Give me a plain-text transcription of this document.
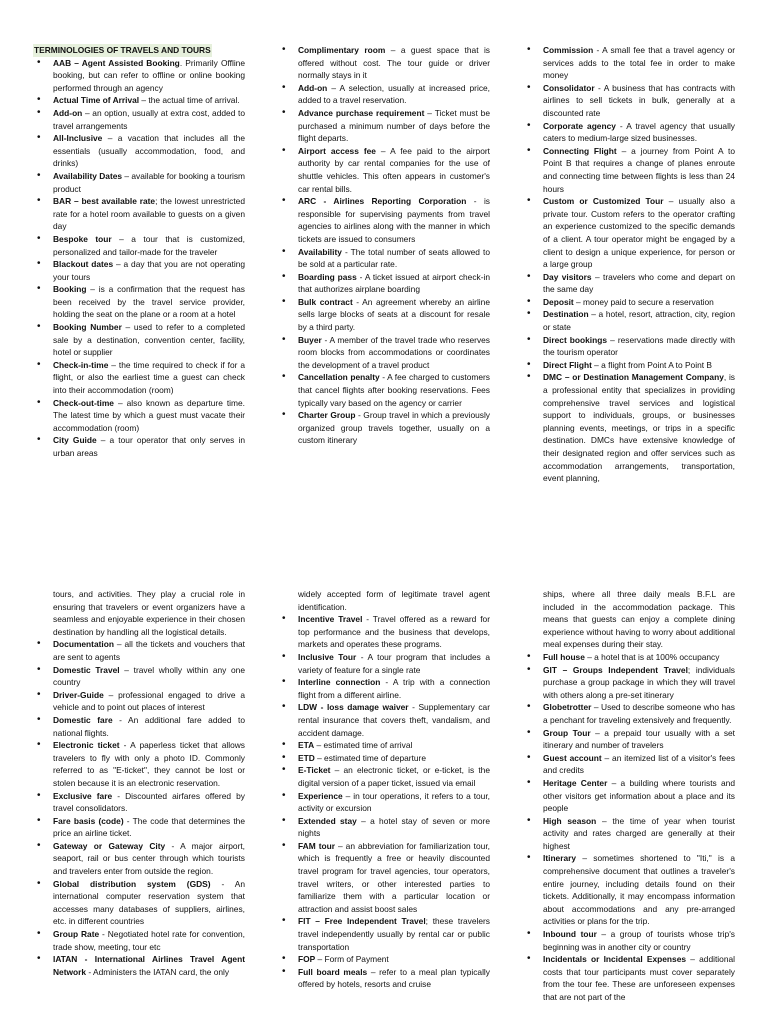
TERMINOLOGIES OF TRAVELS AND TOURS
• AAB – Agent Assisted Booking. Primarily Offline booking, but can refer to offline or online booking performed through an agency
• Actual Time of Arrival – the actual time of arrival.
• Add-on – an option, usually at extra cost, added to travel arrangements
• All-Inclusive – a vacation that includes all the essentials (usually accommodation, food, and drinks)
• Availability Dates – available for booking a tourism product
• BAR – best available rate; the lowest unrestricted rate for a hotel room available to guests on a given day
• Bespoke tour – a tour that is customized, personalized and tailor-made for the traveler
• Blackout dates – a day that you are not operating your tours
• Booking – is a confirmation that the request has been received by the travel service provider, holding the seat on the plane or a room at a hotel
• Booking Number – used to refer to a completed sale by a destination, convention center, facility, hotel or supplier
• Check-in-time – the time required to check if for a flight, or also the earliest time a guest can check into their accommodation (room)
• Check-out-time – also known as departure time. The latest time by which a guest must vacate their accommodation (room)
• City Guide – a tour operator that only serves in urban areas
• Complimentary room – a guest space that is offered without cost. The tour guide or driver normally stays in it
• Add-on – A selection, usually at increased price, added to a travel reservation.
• Advance purchase requirement – Ticket must be purchased a minimum number of days before the flight departs.
• Airport access fee – A fee paid to the airport authority by car rental companies for the use of shuttle vehicles. This often appears in customer's car rental bills.
• ARC - Airlines Reporting Corporation - is responsible for supervising payments from travel agencies to airlines along with the manner in which tickets are issued to consumers
• Availability - The total number of seats allowed to be sold at a particular rate.
• Boarding pass - A ticket issued at airport check-in that authorizes airplane boarding
• Bulk contract - An agreement whereby an airline sells large blocks of seats at a discount for resale by a third party.
• Buyer - A member of the travel trade who reserves room blocks from accommodations or coordinates the development of a travel product
• Cancellation penalty - A fee charged to customers that cancel flights after booking reservations. Fees typically vary based on the agency or carrier
• Charter Group - Group travel in which a previously organized group travels together, usually on a custom itinerary
• Commission - A small fee that a travel agency or services adds to the total fee in order to make money
• Consolidator - A business that has contracts with airlines to sell tickets in bulk, generally at a discounted rate
• Corporate agency - A travel agency that usually caters to medium-large sized businesses.
• Connecting Flight – a journey from Point A to Point B that requires a change of planes enroute and connecting time between flights is less than 24 hours
• Custom or Customized Tour – usually also a private tour. Custom refers to the operator crafting an experience customized to the specific demands of a client. A tour operator might be engaged by a client to design a unique experience, for person or a large group
• Day visitors – travelers who come and depart on the same day
• Deposit – money paid to secure a reservation
• Destination – a hotel, resort, attraction, city, region or state
• Direct bookings – reservations made directly with the tourism operator
• Direct Flight – a flight from Point A to Point B
• DMC – or Destination Management Company, is a professional entity that specializes in providing comprehensive travel services and logistical support to individuals, groups, or businesses planning events, meetings, or trips in a specific destination. DMCs have extensive knowledge of their designated region and offer services such as accommodation arrangements, transportation, event planning,
tours, and activities. They play a crucial role in ensuring that travelers or event organizers have a seamless and enjoyable experience in their chosen destination by handling all the logistical details.
• Documentation – all the tickets and vouchers that are sent to agents
• Domestic Travel – travel wholly within any one country
• Driver-Guide – professional engaged to drive a vehicle and to point out places of interest
• Domestic fare - An additional fare added to national flights.
• Electronic ticket - A paperless ticket that allows travelers to fly with only a photo ID. Commonly referred to as "E-ticket", they cannot be lost or stolen because it is an electronic reservation.
• Exclusive fare - Discounted airfares offered by travel consolidators.
• Fare basis (code) - The code that determines the price an airline ticket.
• Gateway or Gateway City - A major airport, seaport, rail or bus center through which tourists and travelers enter from outside the region.
• Global distribution system (GDS) - An international computer reservation system that accesses many databases of suppliers, airlines, etc. in different countries
• Group Rate - Negotiated hotel rate for convention, trade show, meeting, tour etc
• IATAN - International Airlines Travel Agent Network - Administers the IATAN card, the only
widely accepted form of legitimate travel agent identification.
• Incentive Travel - Travel offered as a reward for top performance and the business that develops, markets and operates these programs.
• Inclusive Tour - A tour program that includes a variety of feature for a single rate
• Interline connection - A trip with a connection flight from a different airline.
• LDW - loss damage waiver - Supplementary car rental insurance that covers theft, vandalism, and accident damage.
• ETA – estimated time of arrival
• ETD – estimated time of departure
• E-Ticket – an electronic ticket, or e-ticket, is the digital version of a paper ticket, issued via email
• Experience – in tour operations, it refers to a tour, activity or excursion
• Extended stay – a hotel stay of seven or more nights
• FAM tour – an abbreviation for familiarization tour, which is frequently a free or heavily discounted travel program for travel agencies, tour operators, travel writers, or other interested parties to familiarize them with a particular location or attraction and assist boost sales
• FIT – Free Independent Travel; these travelers travel independently usually by rental car or public transportation
• FOP – Form of Payment
• Full board meals – refer to a meal plan typically offered by hotels, resorts and cruise
ships, where all three daily meals B.F.L are included in the accommodation package. This means that guests can enjoy a complete dining experience without having to worry about additional meal expenses during their stay.
• Full house – a hotel that is at 100% occupancy
• GIT – Groups Independent Travel; individuals purchase a group package in which they will travel with others along a pre-set itinerary
• Globetrotter – Used to describe someone who has a penchant for traveling extensively and frequently.
• Group Tour – a prepaid tour usually with a set itinerary and number of travelers
• Guest account – an itemized list of a visitor's fees and credits
• Heritage Center – a building where tourists and other visitors get information about a place and its people
• High season – the time of year when tourist activity and rates charged are generally at their highest
• Itinerary – sometimes shortened to "Iti," is a comprehensive document that outlines a traveler's entire journey, including details found on their tickets. Additionally, it may encompass information about accommodations and any pre-arranged activities or plans for the trip.
• Inbound tour – a group of tourists whose trip's beginning was in another city or country
• Incidentals or Incidental Expenses – additional costs that tour participants must cover separately from the tour fee. These are unforeseen expenses that are not part of the
